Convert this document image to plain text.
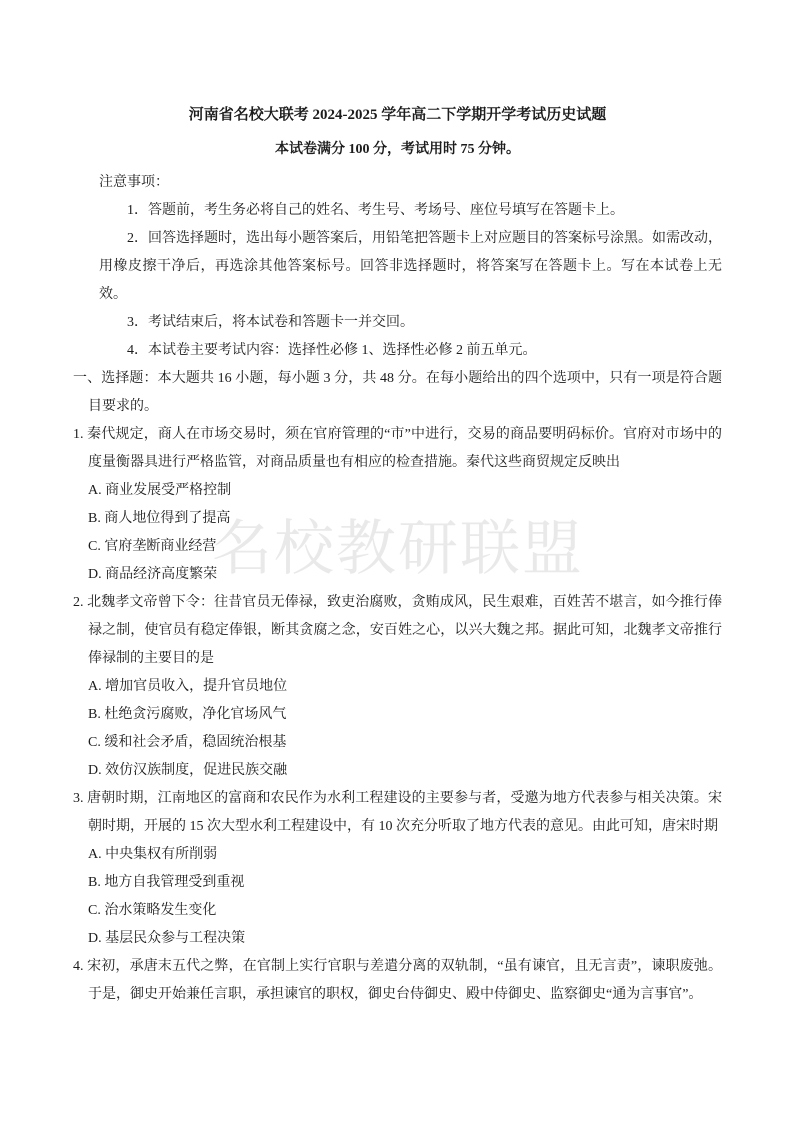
名校教研联盟
河南省名校大联考 2024-2025 学年高二下学期开学考试历史试题

本试卷满分 100 分，考试用时 75 分钟。

注意事项：

1．答题前，考生务必将自己的姓名、考生号、考场号、座位号填写在答题卡上。

2．回答选择题时，选出每小题答案后，用铅笔把答题卡上对应题目的答案标号涂黑。如需改动，用橡皮擦干净后，再选涂其他答案标号。回答非选择题时，将答案写在答题卡上。写在本试卷上无效。

3．考试结束后，将本试卷和答题卡一并交回。

4．本试卷主要考试内容：选择性必修 1、选择性必修 2 前五单元。

一、选择题：本大题共 16 小题，每小题 3 分，共 48 分。在每小题给出的四个选项中，只有一项是符合题目要求的。

1. 秦代规定，商人在市场交易时，须在官府管理的“市”中进行，交易的商品要明码标价。官府对市场中的度量衡器具进行严格监管，对商品质量也有相应的检查措施。秦代这些商贸规定反映出

A. 商业发展受严格控制

B. 商人地位得到了提高

C. 官府垄断商业经营

D. 商品经济高度繁荣

2. 北魏孝文帝曾下令：往昔官员无俸禄，致吏治腐败，贪贿成风，民生艰难，百姓苦不堪言，如今推行俸禄之制，使官员有稳定俸银，断其贪腐之念，安百姓之心，以兴大魏之邦。据此可知，北魏孝文帝推行俸禄制的主要目的是

A. 增加官员收入，提升官员地位

B. 杜绝贪污腐败，净化官场风气

C. 缓和社会矛盾，稳固统治根基

D. 效仿汉族制度，促进民族交融

3. 唐朝时期，江南地区的富商和农民作为水利工程建设的主要参与者，受邀为地方代表参与相关决策。宋朝时期，开展的 15 次大型水利工程建设中，有 10 次充分听取了地方代表的意见。由此可知，唐宋时期

A. 中央集权有所削弱

B. 地方自我管理受到重视

C. 治水策略发生变化

D. 基层民众参与工程决策

4. 宋初，承唐末五代之弊，在官制上实行官职与差遣分离的双轨制，“虽有谏官，且无言责”，谏职废弛。于是，御史开始兼任言职，承担谏官的职权，御史台侍御史、殿中侍御史、监察御史“通为言事官”。
